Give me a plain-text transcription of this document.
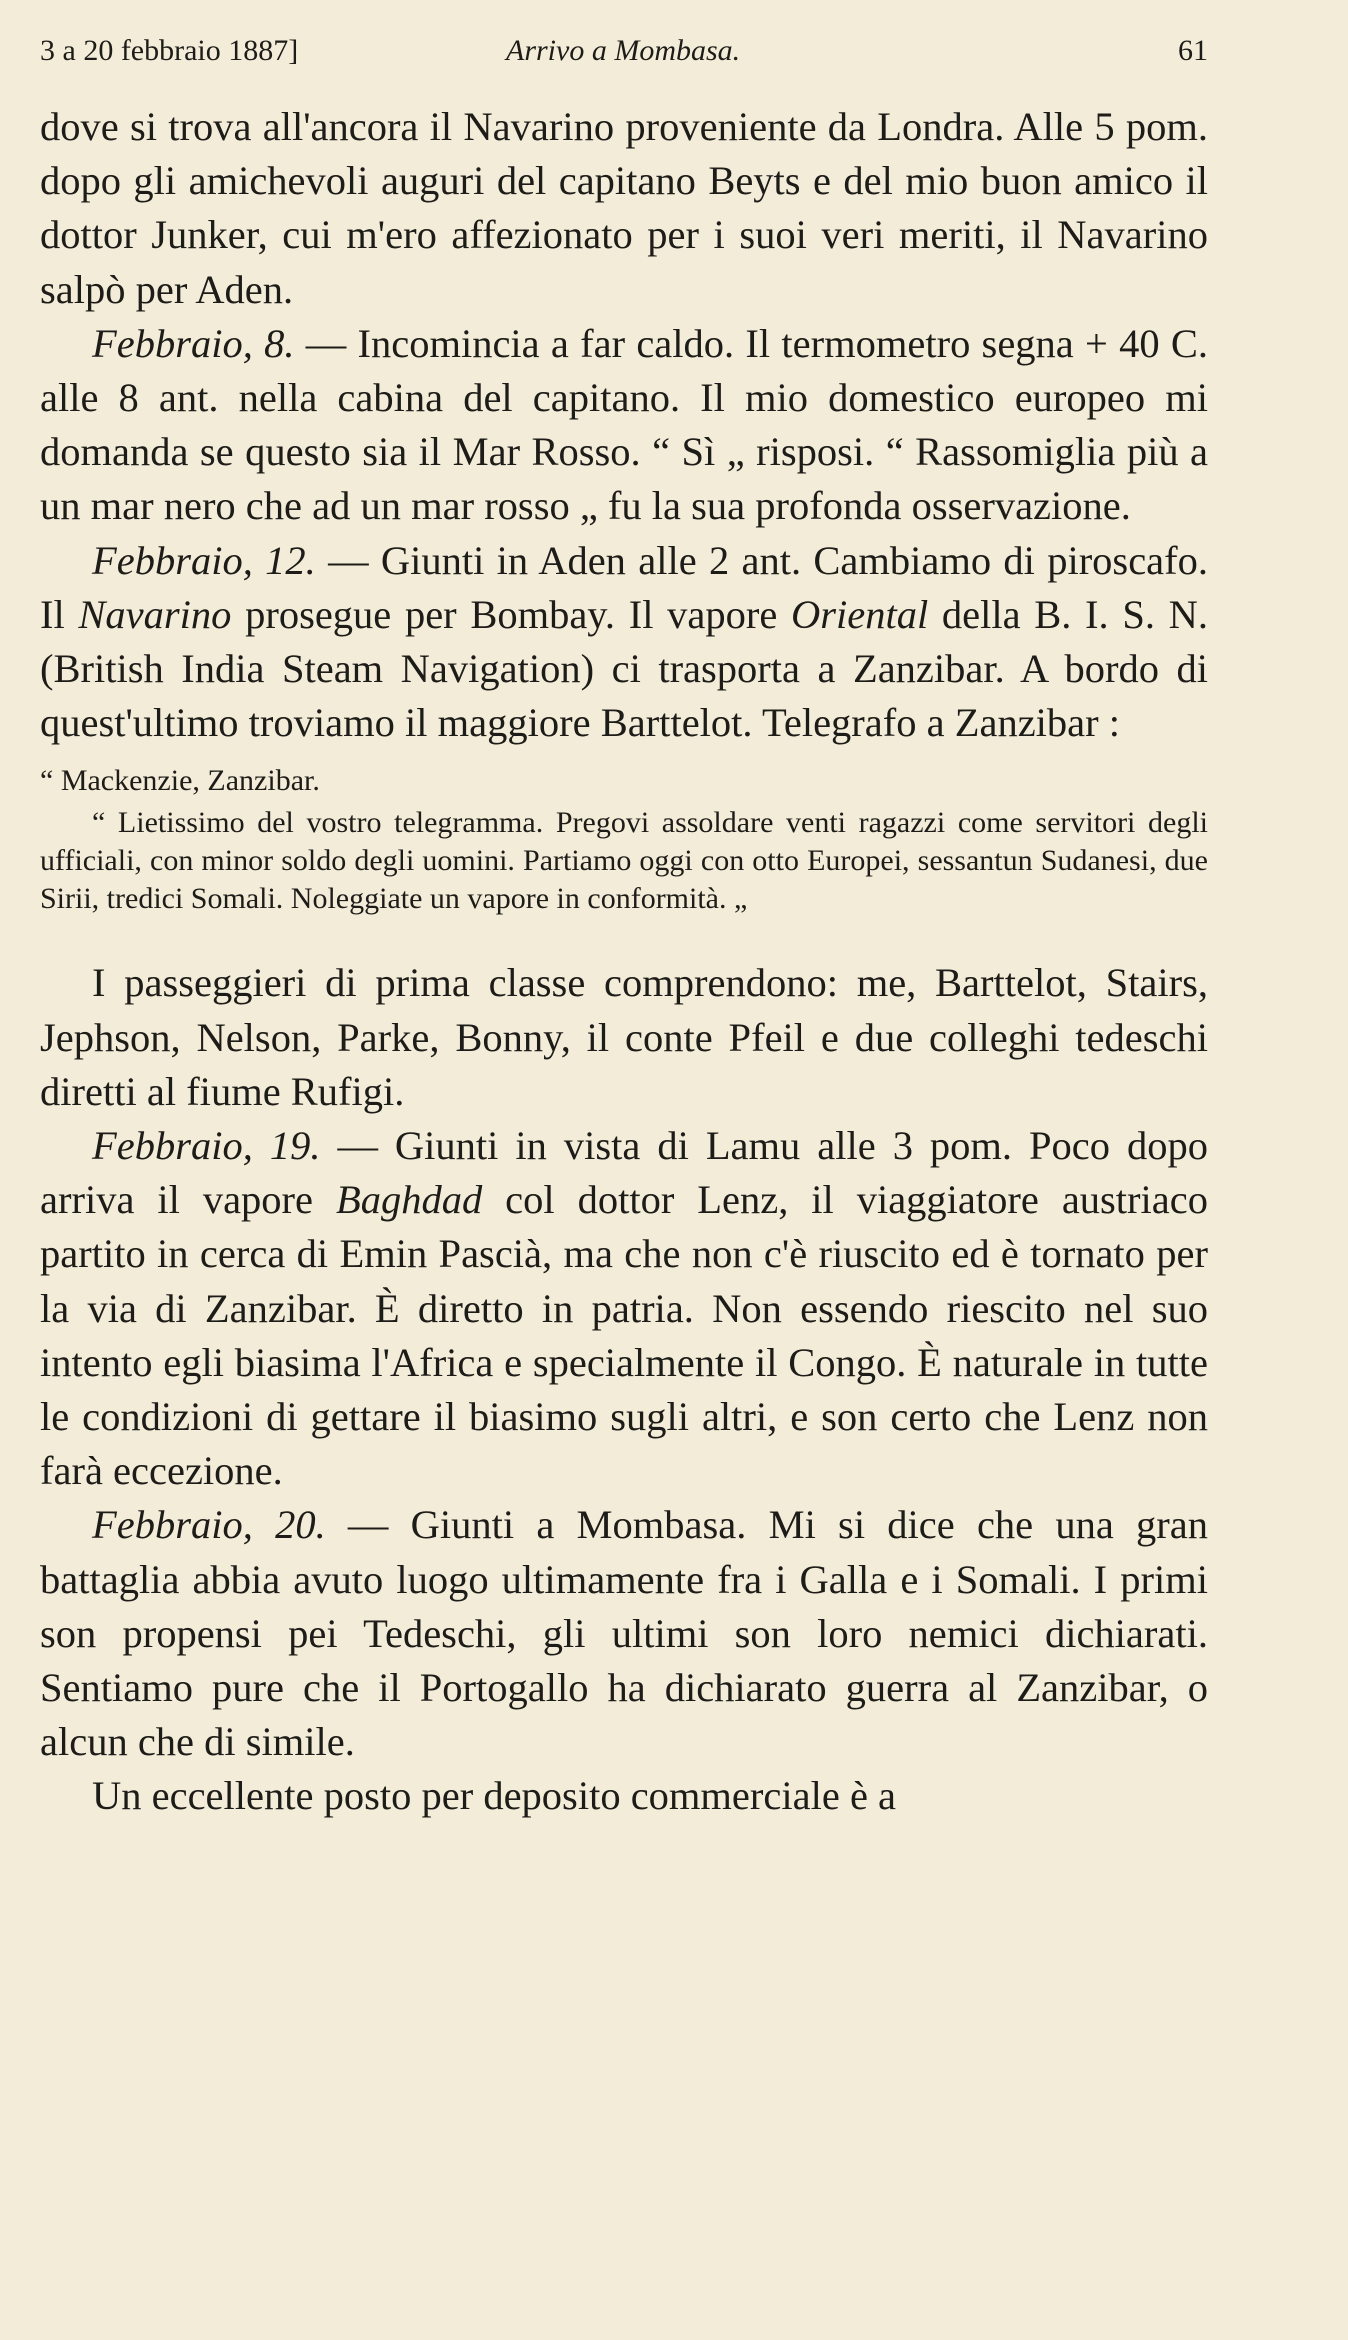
3 a 20 febbraio 1887]	Arrivo a Mombasa.	61

dove si trova all'ancora il Navarino proveniente da Londra. Alle 5 pom. dopo gli amichevoli auguri del capitano Beyts e del mio buon amico il dottor Junker, cui m'ero affezionato per i suoi veri meriti, il Navarino salpò per Aden.

Febbraio, 8. — Incomincia a far caldo. Il termometro segna + 40 C. alle 8 ant. nella cabina del capitano. Il mio domestico europeo mi domanda se questo sia il Mar Rosso. “ Sì „ risposi. “ Rassomiglia più a un mar nero che ad un mar rosso „ fu la sua profonda osservazione.

Febbraio, 12. — Giunti in Aden alle 2 ant. Cambiamo di piroscafo. Il Navarino prosegue per Bombay. Il vapore Oriental della B. I. S. N. (British India Steam Navigation) ci trasporta a Zanzibar. A bordo di quest'ultimo troviamo il maggiore Barttelot. Telegrafo a Zanzibar :

“ Mackenzie, Zanzibar.

“ Lietissimo del vostro telegramma. Pregovi assoldare venti ragazzi come servitori degli ufficiali, con minor soldo degli uomini. Partiamo oggi con otto Europei, sessantun Sudanesi, due Sirii, tredici Somali. Noleggiate un vapore in conformità. „

I passeggieri di prima classe comprendono: me, Barttelot, Stairs, Jephson, Nelson, Parke, Bonny, il conte Pfeil e due colleghi tedeschi diretti al fiume Rufigi.

Febbraio, 19. — Giunti in vista di Lamu alle 3 pom. Poco dopo arriva il vapore Baghdad col dottor Lenz, il viaggiatore austriaco partito in cerca di Emin Pascià, ma che non c'è riuscito ed è tornato per la via di Zanzibar. È diretto in patria. Non essendo riescito nel suo intento egli biasima l'Africa e specialmente il Congo. È naturale in tutte le condizioni di gettare il biasimo sugli altri, e son certo che Lenz non farà eccezione.

Febbraio, 20. — Giunti a Mombasa. Mi si dice che una gran battaglia abbia avuto luogo ultimamente fra i Galla e i Somali. I primi son propensi pei Tedeschi, gli ultimi son loro nemici dichiarati. Sentiamo pure che il Portogallo ha dichiarato guerra al Zanzibar, o alcun che di simile.

Un eccellente posto per deposito commerciale è a
